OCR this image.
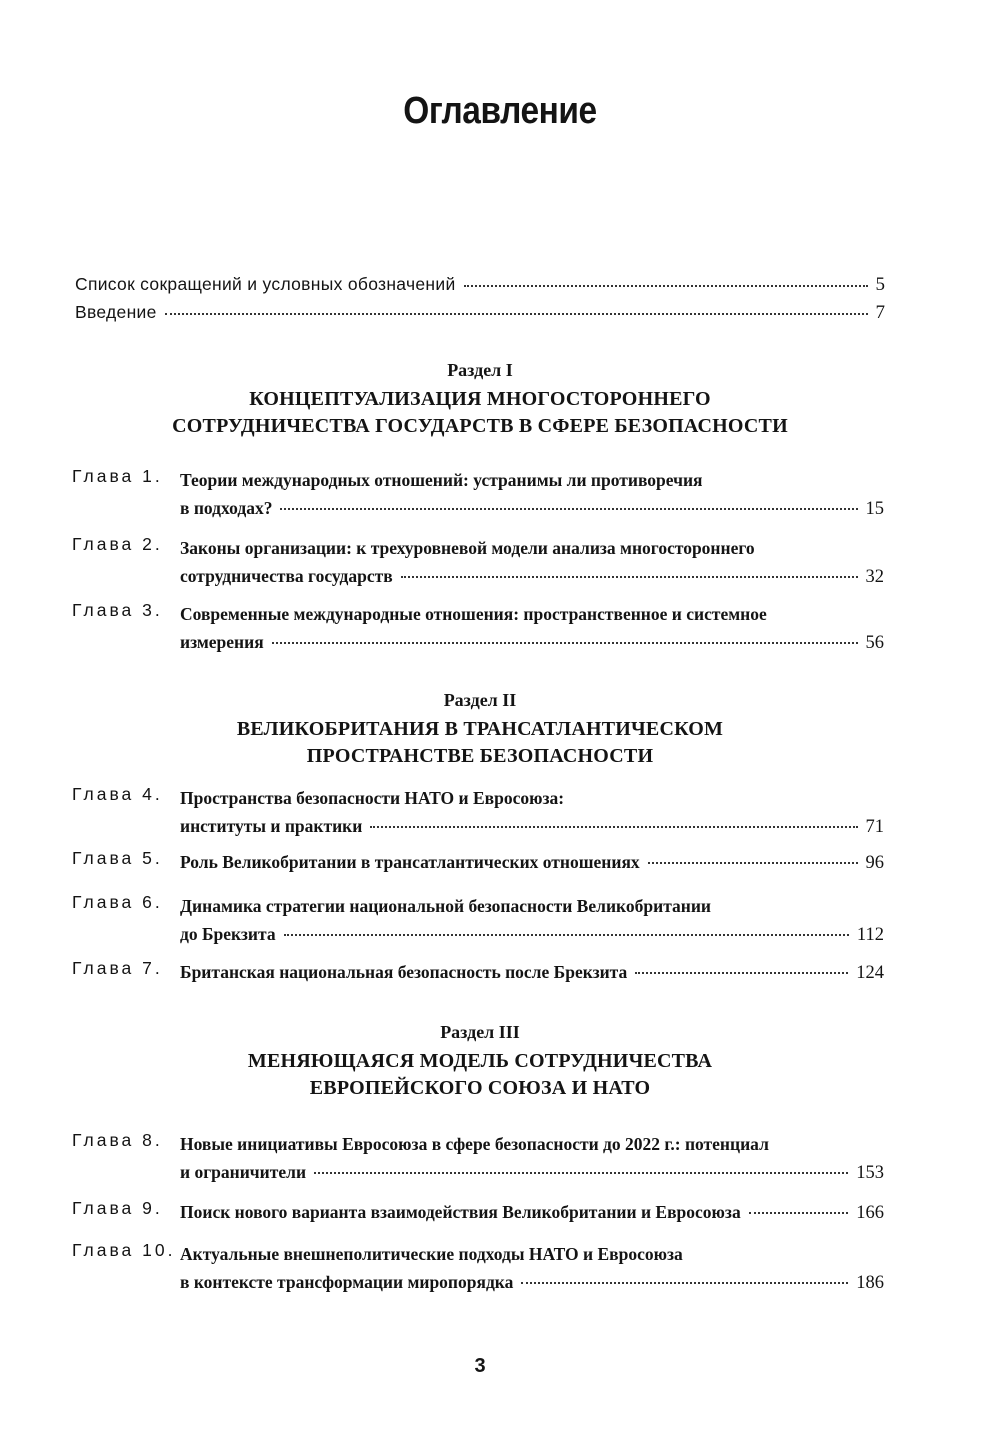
Оглавление
Список сокращений и условных обозначений	5
Введение	7
Раздел I
КОНЦЕПТУАЛИЗАЦИЯ МНОГОСТОРОННЕГО
СОТРУДНИЧЕСТВА ГОСУДАРСТВ В СФЕРЕ БЕЗОПАСНОСТИ
Глава 1. Теории международных отношений: устранимы ли противоречия
в подходах?	15
Глава 2. Законы организации: к трехуровневой модели анализа многостороннего
сотрудничества государств	32
Глава 3. Современные международные отношения: пространственное и системное
измерения	56
Раздел II
ВЕЛИКОБРИТАНИЯ В ТРАНСАТЛАНТИЧЕСКОМ
ПРОСТРАНСТВЕ БЕЗОПАСНОСТИ
Глава 4. Пространства безопасности НАТО и Евросоюза:
институты и практики	71
Глава 5. Роль Великобритании в трансатлантических отношениях	96
Глава 6. Динамика стратегии национальной безопасности Великобритании
до Брекзита	112
Глава 7. Британская национальная безопасность после Брекзита	124
Раздел III
МЕНЯЮЩАЯСЯ МОДЕЛЬ СОТРУДНИЧЕСТВА
ЕВРОПЕЙСКОГО СОЮЗА И НАТО
Глава 8. Новые инициативы Евросоюза в сфере безопасности до 2022 г.: потенциал
и ограничители	153
Глава 9. Поиск нового варианта взаимодействия Великобритании и Евросоюза	166
Глава 10. Актуальные внешнеполитические подходы НАТО и Евросоюза
в контексте трансформации миропорядка	186
3
